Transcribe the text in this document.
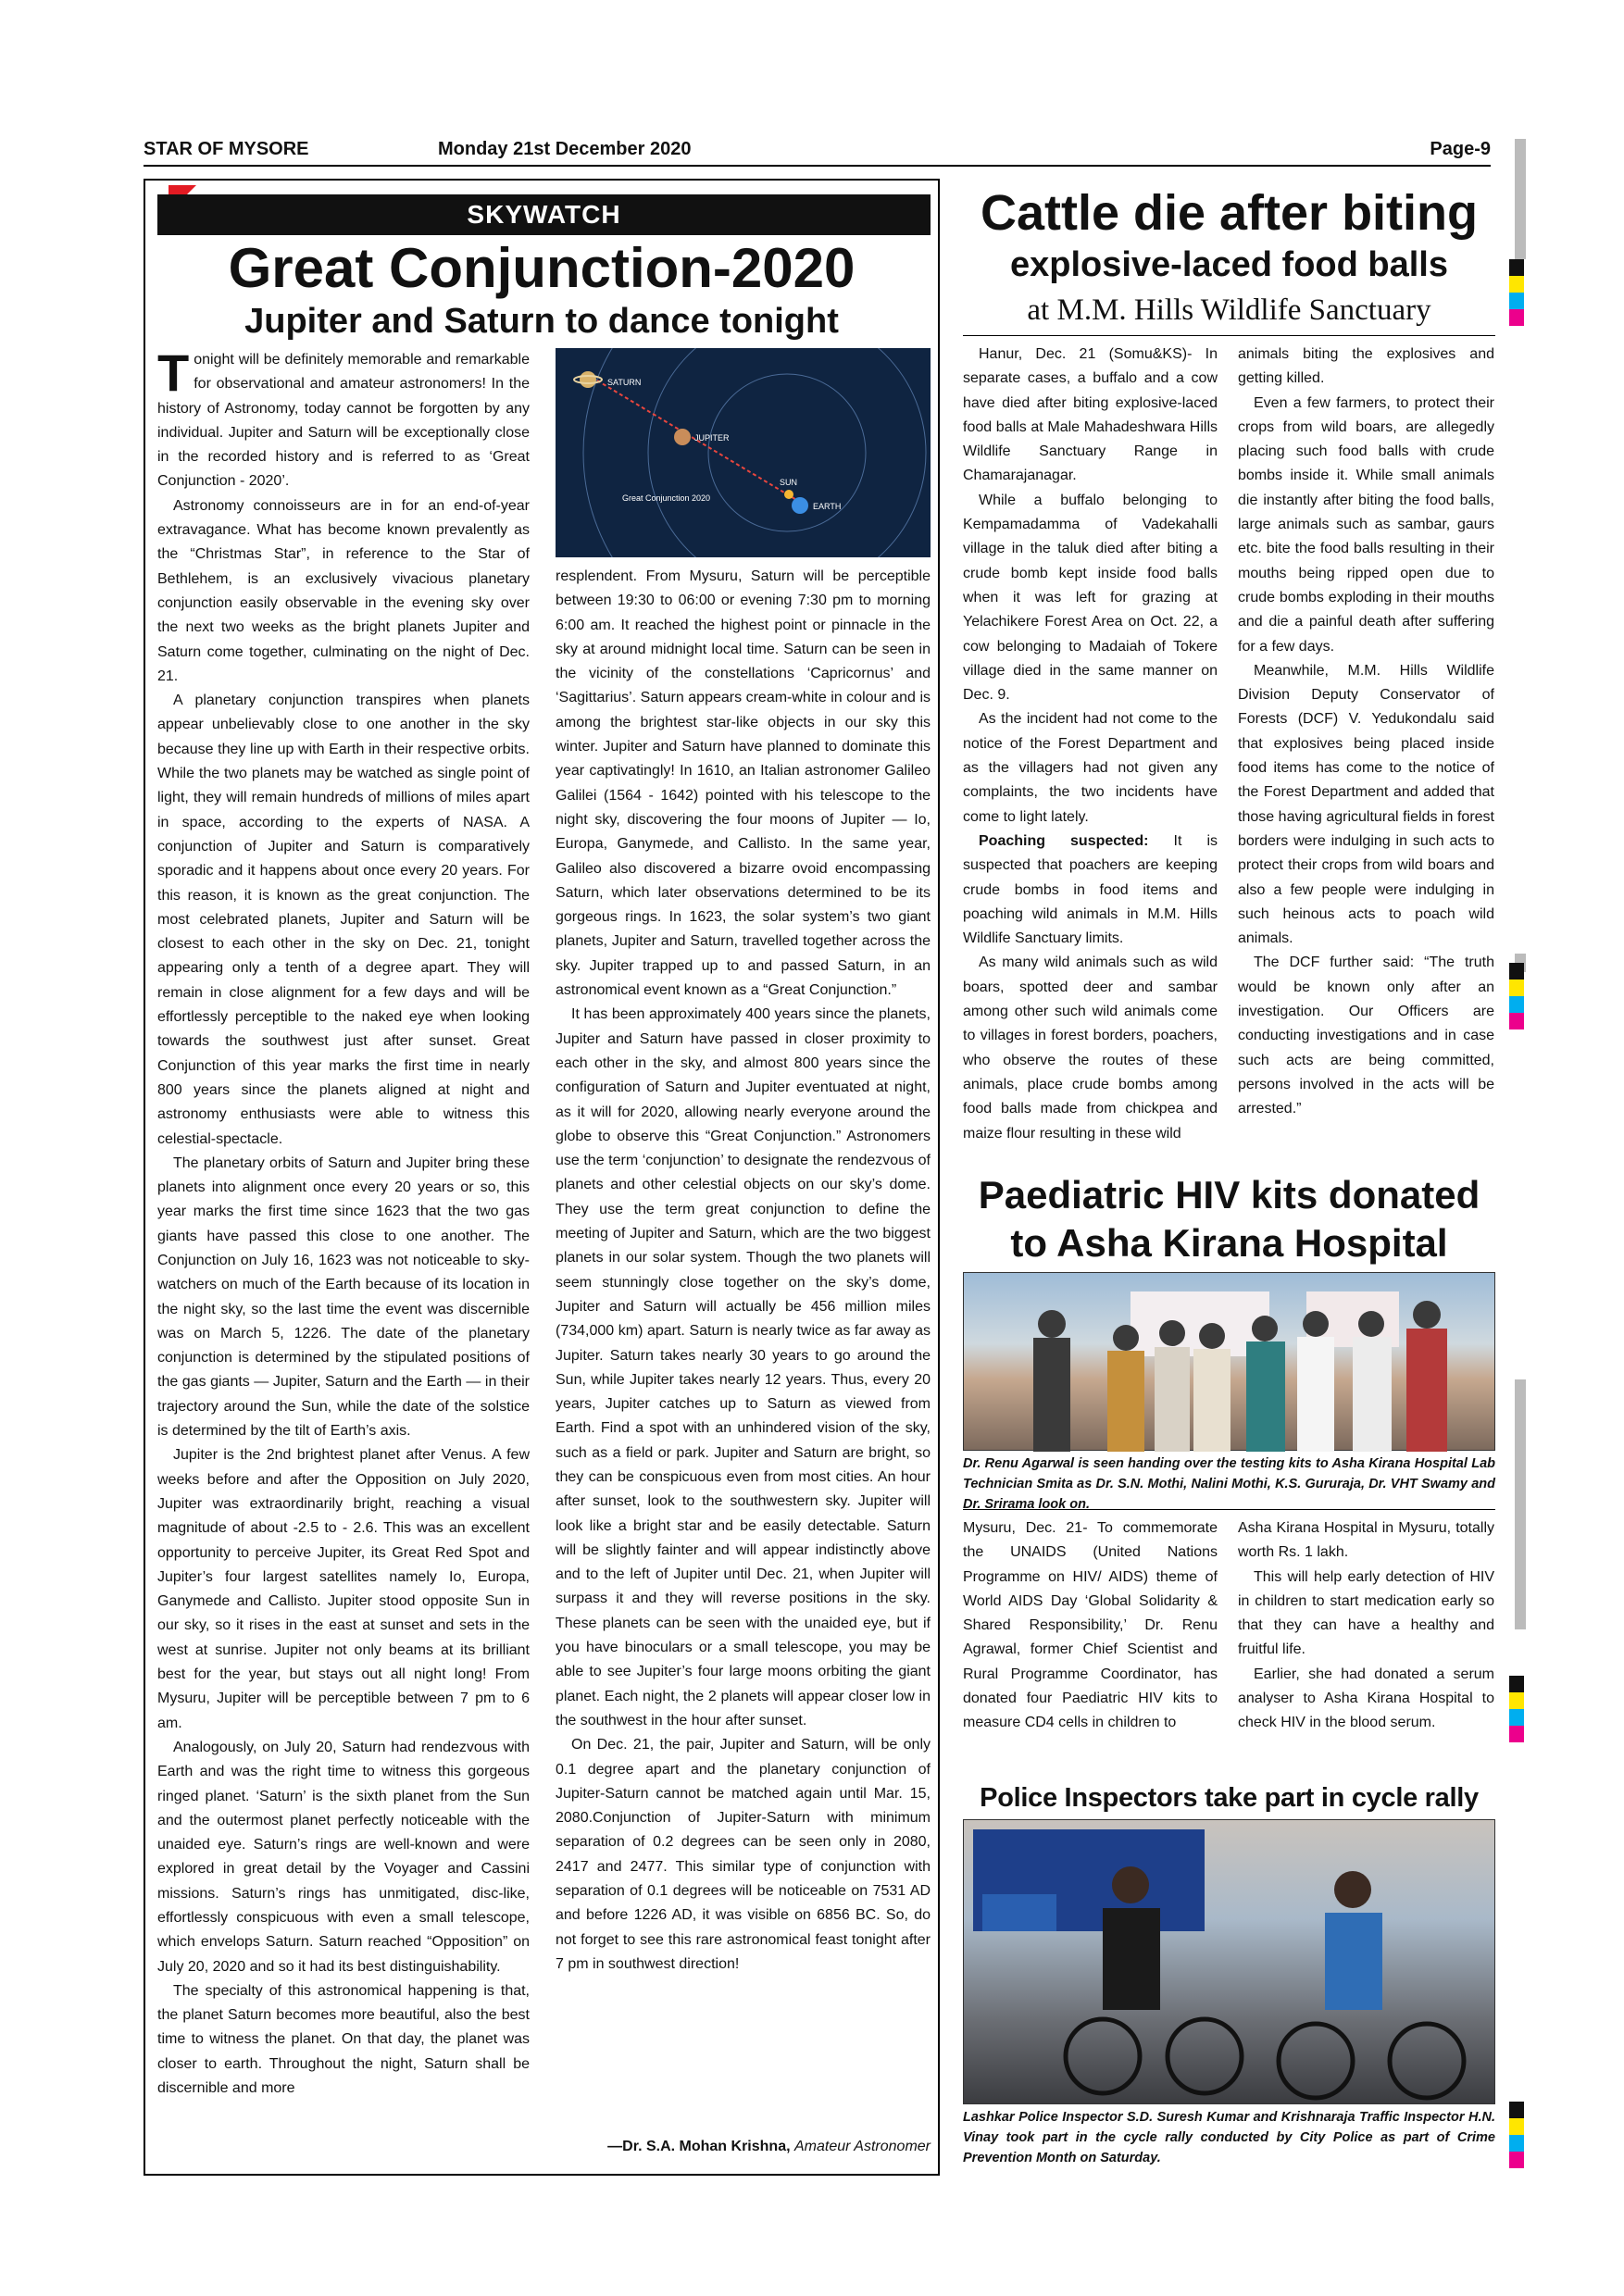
STAR OF MYSORE	Monday 21st December 2020	Page-9
SKYWATCH
Great Conjunction-2020
Jupiter and Saturn to dance tonight

Tonight will be definitely memorable and remarkable for observational and amateur astronomers! In the history of Astronomy, today cannot be forgotten by any individual. Jupiter and Saturn will be exceptionally close in the recorded history and is referred to as ‘Great Conjunction - 2020’.

Astronomy connoisseurs are in for an end-of-year extravagance. What has become known prevalently as the “Christmas Star”, in reference to the Star of Bethlehem, is an exclusively vivacious planetary conjunction easily observable in the evening sky over the next two weeks as the bright planets Jupiter and Saturn come together, culminating on the night of Dec. 21.

A planetary conjunction transpires when planets appear unbelievably close to one another in the sky because they line up with Earth in their respective orbits. While the two planets may be watched as single point of light, they will remain hundreds of millions of miles apart in space, according to the experts of NASA. A conjunction of Jupiter and Saturn is comparatively sporadic and it happens about once every 20 years. For this reason, it is known as the great conjunction. The most celebrated planets, Jupiter and Saturn will be closest to each other in the sky on Dec. 21, tonight appearing only a tenth of a degree apart. They will remain in close alignment for a few days and will be effortlessly perceptible to the naked eye when looking towards the southwest just after sunset. Great Conjunction of this year marks the first time in nearly 800 years since the planets aligned at night and astronomy enthusiasts were able to witness this celestial-spectacle.

The planetary orbits of Saturn and Jupiter bring these planets into alignment once every 20 years or so, this year marks the first time since 1623 that the two gas giants have passed this close to one another. The Conjunction on July 16, 1623 was not noticeable to sky-watchers on much of the Earth because of its location in the night sky, so the last time the event was discernible was on March 5, 1226. The date of the planetary conjunction is determined by the stipulated positions of the gas giants — Jupiter, Saturn and the Earth — in their trajectory around the Sun, while the date of the solstice is determined by the tilt of Earth’s axis.

Jupiter is the 2nd brightest planet after Venus. A few weeks before and after the Opposition on July 2020, Jupiter was extraordinarily bright, reaching a visual magnitude of about -2.5 to - 2.6. This was an excellent opportunity to perceive Jupiter, its Great Red Spot and Jupiter’s four largest satellites namely Io, Europa, Ganymede and Callisto. Jupiter stood opposite Sun in our sky, so it rises in the east at sunset and sets in the west at sunrise. Jupiter not only beams at its brilliant best for the year, but stays out all night long! From Mysuru, Jupiter will be perceptible between 7 pm to 6 am.

Analogously, on July 20, Saturn had rendezvous with Earth and was the right time to witness this gorgeous ringed planet. ‘Saturn’ is the sixth planet from the Sun and the outermost planet perfectly noticeable with the unaided eye. Saturn’s rings are well-known and were explored in great detail by the Voyager and Cassini missions. Saturn’s rings has unmitigated, disc-like, effortlessly conspicuous with even a small telescope, which envelops Saturn. Saturn reached “Opposition” on July 20, 2020 and so it had its best distinguishability.

The specialty of this astronomical happening is that, the planet Saturn becomes more beautiful, also the best time to witness the planet. On that day, the planet was closer to earth. Throughout the night, Saturn shall be discernible and more

SATURN
JUPITER
SUN
EARTH
Great Conjunction 2020

resplendent. From Mysuru, Saturn will be perceptible between 19:30 to 06:00 or evening 7:30 pm to morning 6:00 am. It reached the highest point or pinnacle in the sky at around midnight local time. Saturn can be seen in the vicinity of the constellations ‘Capricornus’ and ‘Sagittarius’. Saturn appears cream-white in colour and is among the brightest star-like objects in our sky this winter. Jupiter and Saturn have planned to dominate this year captivatingly! In 1610, an Italian astronomer Galileo Galilei (1564 - 1642) pointed with his telescope to the night sky, discovering the four moons of Jupiter — Io, Europa, Ganymede, and Callisto. In the same year, Galileo also discovered a bizarre ovoid encompassing Saturn, which later observations determined to be its gorgeous rings. In 1623, the solar system’s two giant planets, Jupiter and Saturn, travelled together across the sky. Jupiter trapped up to and passed Saturn, in an astronomical event known as a “Great Conjunction.”

It has been approximately 400 years since the planets, Jupiter and Saturn have passed in closer proximity to each other in the sky, and almost 800 years since the configuration of Saturn and Jupiter eventuated at night, as it will for 2020, allowing nearly everyone around the globe to observe this “Great Conjunction.” Astronomers use the term ‘conjunction’ to designate the rendezvous of planets and other celestial objects on our sky’s dome. They use the term great conjunction to define the meeting of Jupiter and Saturn, which are the two biggest planets in our solar system. Though the two planets will seem stunningly close together on the sky’s dome, Jupiter and Saturn will actually be 456 million miles (734,000 km) apart. Saturn is nearly twice as far away as Jupiter. Saturn takes nearly 30 years to go around the Sun, while Jupiter takes nearly 12 years. Thus, every 20 years, Jupiter catches up to Saturn as viewed from Earth. Find a spot with an unhindered vision of the sky, such as a field or park. Jupiter and Saturn are bright, so they can be conspicuous even from most cities. An hour after sunset, look to the southwestern sky. Jupiter will look like a bright star and be easily detectable. Saturn will be slightly fainter and will appear indistinctly above and to the left of Jupiter until Dec. 21, when Jupiter will surpass it and they will reverse positions in the sky. These planets can be seen with the unaided eye, but if you have binoculars or a small telescope, you may be able to see Jupiter’s four large moons orbiting the giant planet. Each night, the 2 planets will appear closer low in the southwest in the hour after sunset.

On Dec. 21, the pair, Jupiter and Saturn, will be only 0.1 degree apart and the planetary conjunction of Jupiter-Saturn cannot be matched again until Mar. 15, 2080.Conjunction of Jupiter-Saturn with minimum separation of 0.2 degrees can be seen only in 2080, 2417 and 2477. This similar type of conjunction with separation of 0.1 degrees will be noticeable on 7531 AD and before 1226 AD, it was visible on 6856 BC. So, do not forget to see this rare astronomical feast tonight after 7 pm in southwest direction!

—Dr. S.A. Mohan Krishna, Amateur Astronomer
Cattle die after biting
explosive-laced food balls
at M.M. Hills Wildlife Sanctuary

Hanur, Dec. 21 (Somu&KS)- In separate cases, a buffalo and a cow have died after biting explosive-laced food balls at Male Mahadeshwara Hills Wildlife Sanctuary Range in Chamarajanagar.

While a buffalo belonging to Kempamadamma of Vadekahalli village in the taluk died after biting a crude bomb kept inside food balls when it was left for grazing at Yelachikere Forest Area on Oct. 22, a cow belonging to Madaiah of Tokere village died in the same manner on Dec. 9.

As the incident had not come to the notice of the Forest Department and as the villagers had not given any complaints, the two incidents have come to light lately.

Poaching suspected: It is suspected that poachers are keeping crude bombs in food items and poaching wild animals in M.M. Hills Wildlife Sanctuary limits.

As many wild animals such as wild boars, spotted deer and sambar among other such wild animals come to villages in forest borders, poachers, who observe the routes of these animals, place crude bombs among food balls made from chickpea and maize flour resulting in these wild

animals biting the explosives and getting killed.

Even a few farmers, to protect their crops from wild boars, are allegedly placing such food balls with crude bombs inside it. While small animals die instantly after biting the food balls, large animals such as sambar, gaurs etc. bite the food balls resulting in their mouths being ripped open due to crude bombs exploding in their mouths and die a painful death after suffering for a few days.

Meanwhile, M.M. Hills Wildlife Division Deputy Conservator of Forests (DCF) V. Yedukondalu said that explosives being placed inside food items has come to the notice of the Forest Department and added that those having agricultural fields in forest borders were indulging in such acts to protect their crops from wild boars and also a few people were indulging in such heinous acts to poach wild animals.

The DCF further said: “The truth would be known only after an investigation. Our Officers are conducting investigations and in case such acts are being committed, persons involved in the acts will be arrested.”

Paediatric HIV kits donated to Asha Kirana Hospital
Dr. Renu Agarwal is seen handing over the testing kits to Asha Kirana Hospital Lab Technician Smita as Dr. S.N. Mothi, Nalini Mothi, K.S. Gururaja, Dr. VHT Swamy and Dr. Srirama look on.

Mysuru, Dec. 21- To commemorate the UNAIDS (United Nations Programme on HIV/ AIDS) theme of World AIDS Day ‘Global Solidarity & Shared Responsibility,’ Dr. Renu Agrawal, former Chief Scientist and Rural Programme Coordinator, has donated four Paediatric HIV kits to measure CD4 cells in children to

Asha Kirana Hospital in Mysuru, totally worth Rs. 1 lakh.

This will help early detection of HIV in children to start medication early so that they can have a healthy and fruitful life.

Earlier, she had donated a serum analyser to Asha Kirana Hospital to check HIV in the blood serum.

Police Inspectors take part in cycle rally
Lashkar Police Inspector S.D. Suresh Kumar and Krishnaraja Traffic Inspector H.N. Vinay took part in the cycle rally conducted by City Police as part of Crime Prevention Month on Saturday.
